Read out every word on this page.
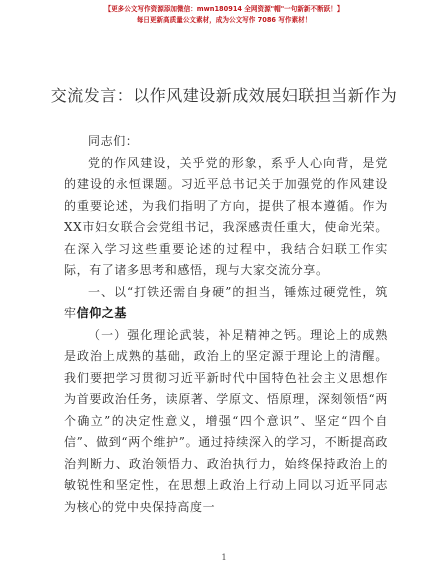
【更多公文写作资源添加微信：mwn180914 全网资源"帽"一句新新不断跃！】
每日更新高质量公文素材，成为公文写作 7086 写作素材！
交流发言：以作风建设新成效展妇联担当新作为

同志们：

党的作风建设，关乎党的形象，系乎人心向背，是党的建设的永恒课题。习近平总书记关于加强党的作风建设的重要论述，为我们指明了方向，提供了根本遵循。作为XX市妇女联合会党组书记，我深感责任重大，使命光荣。在深入学习这些重要论述的过程中，我结合妇联工作实际，有了诸多思考和感悟，现与大家交流分享。

一、以“打铁还需自身硬”的担当，锤炼过硬党性，筑牢信仰之基

（一）强化理论武装，补足精神之钙。理论上的成熟是政治上成熟的基础，政治上的坚定源于理论上的清醒。我们要把学习贯彻习近平新时代中国特色社会主义思想作为首要政治任务，读原著、学原文、悟原理，深刻领悟“两个确立”的决定性意义，增强“四个意识”、坚定“四个自信”、做到“两个维护”。通过持续深入的学习，不断提高政治判断力、政治领悟力、政治执行力，始终保持政治上的敏锐性和坚定性，在思想上政治上行动上同以习近平同志为核心的党中央保持高度一

1
